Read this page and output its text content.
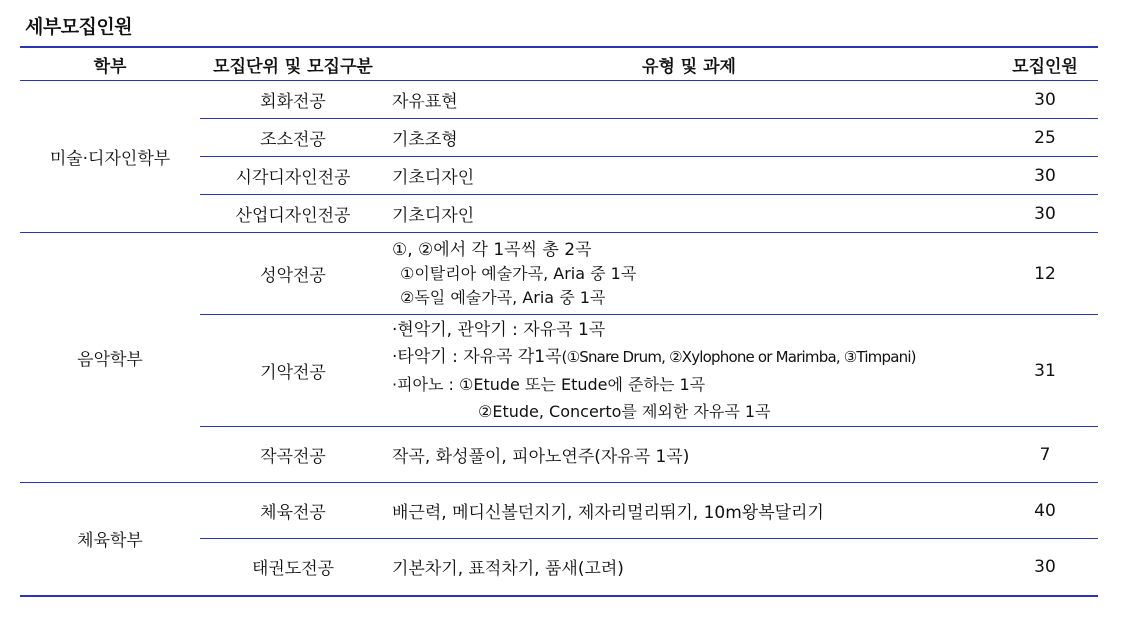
세부모집인원
학부	모집단위 및 모집구분	유형 및 과제	모집인원
미술·디자인학부	회화전공	자유표현	30
	조소전공	기초조형	25
	시각디자인전공	기초디자인	30
	산업디자인전공	기초디자인	30
음악학부	성악전공	①, ②에서 각 1곡씩 총 2곡
①이탈리아 예술가곡, Aria 중 1곡
②독일 예술가곡, Aria 중 1곡	12
	기악전공	·현악기, 관악기 : 자유곡 1곡
·타악기 : 자유곡 각1곡(①Snare Drum, ②Xylophone or Marimba, ③Timpani)
·피아노 : ①Etude 또는 Etude에 준하는 1곡
②Etude, Concerto를 제외한 자유곡 1곡	31
	작곡전공	작곡, 화성풀이, 피아노연주(자유곡 1곡)	7
체육학부	체육전공	배근력, 메디신볼던지기, 제자리멀리뛰기, 10m왕복달리기	40
	태권도전공	기본차기, 표적차기, 품새(고려)	30
